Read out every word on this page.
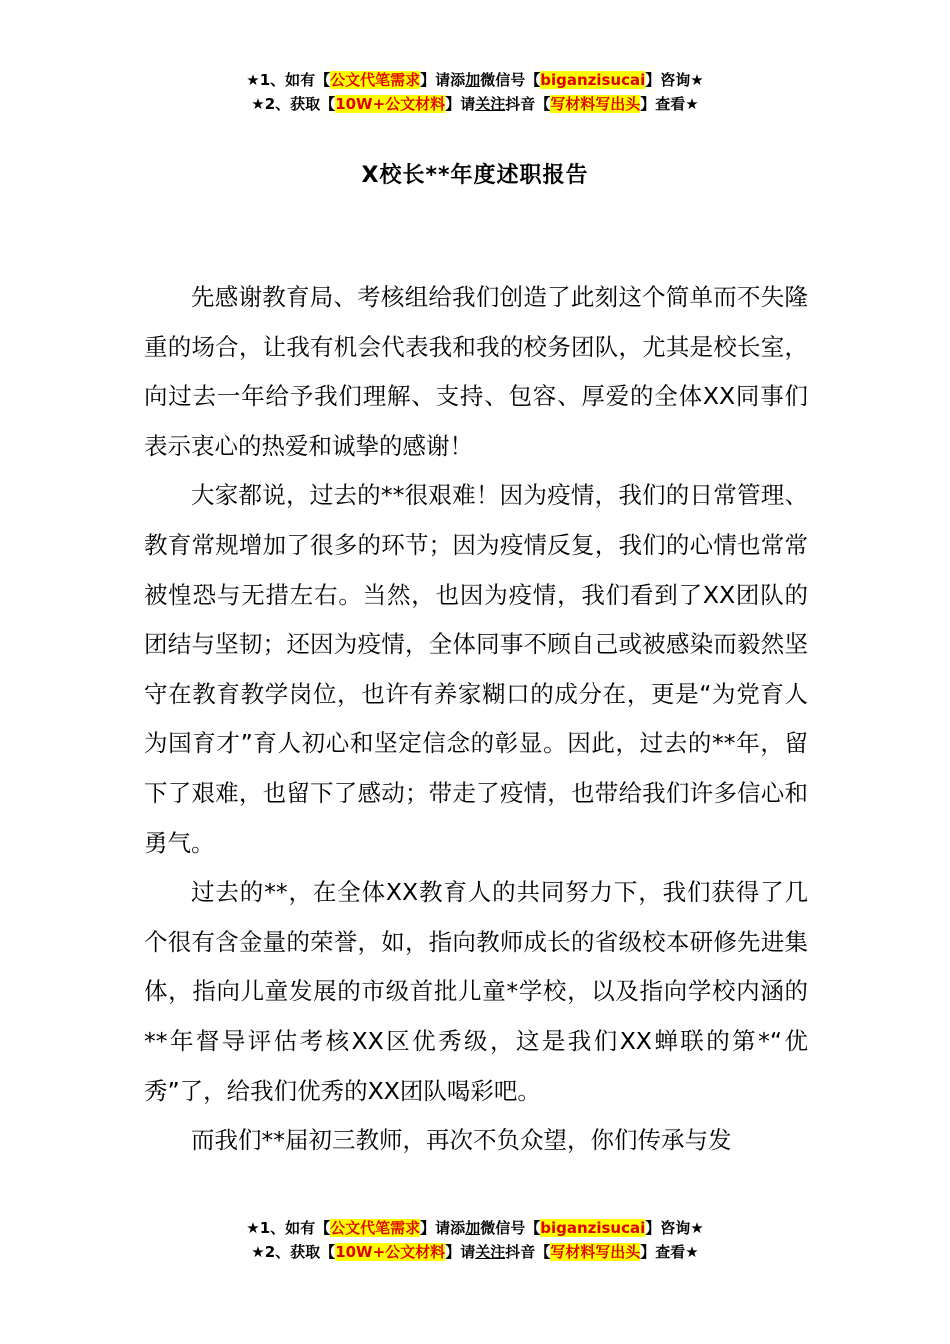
★1、如有【公文代笔需求】请添加微信号【biganzisucai】咨询★
★2、获取【10W+公文材料】请关注抖音【写材料写出头】查看★
X校长**年度述职报告

先感谢教育局、考核组给我们创造了此刻这个简单而不失隆重的场合，让我有机会代表我和我的校务团队，尤其是校长室，向过去一年给予我们理解、支持、包容、厚爱的全体XX同事们表示衷心的热爱和诚挚的感谢！

大家都说，过去的**很艰难！因为疫情，我们的日常管理、教育常规增加了很多的环节；因为疫情反复，我们的心情也常常被惶恐与无措左右。当然，也因为疫情，我们看到了XX团队的团结与坚韧；还因为疫情，全体同事不顾自己或被感染而毅然坚守在教育教学岗位，也许有养家糊口的成分在，更是“为党育人为国育才”育人初心和坚定信念的彰显。因此，过去的**年，留下了艰难，也留下了感动；带走了疫情，也带给我们许多信心和勇气。

过去的**，在全体XX教育人的共同努力下，我们获得了几个很有含金量的荣誉，如，指向教师成长的省级校本研修先进集体，指向儿童发展的市级首批儿童*学校，以及指向学校内涵的**年督导评估考核XX区优秀级，这是我们XX蝉联的第*“优秀”了，给我们优秀的XX团队喝彩吧。

而我们**届初三教师，再次不负众望，你们传承与发

★1、如有【公文代笔需求】请添加微信号【biganzisucai】咨询★
★2、获取【10W+公文材料】请关注抖音【写材料写出头】查看★
